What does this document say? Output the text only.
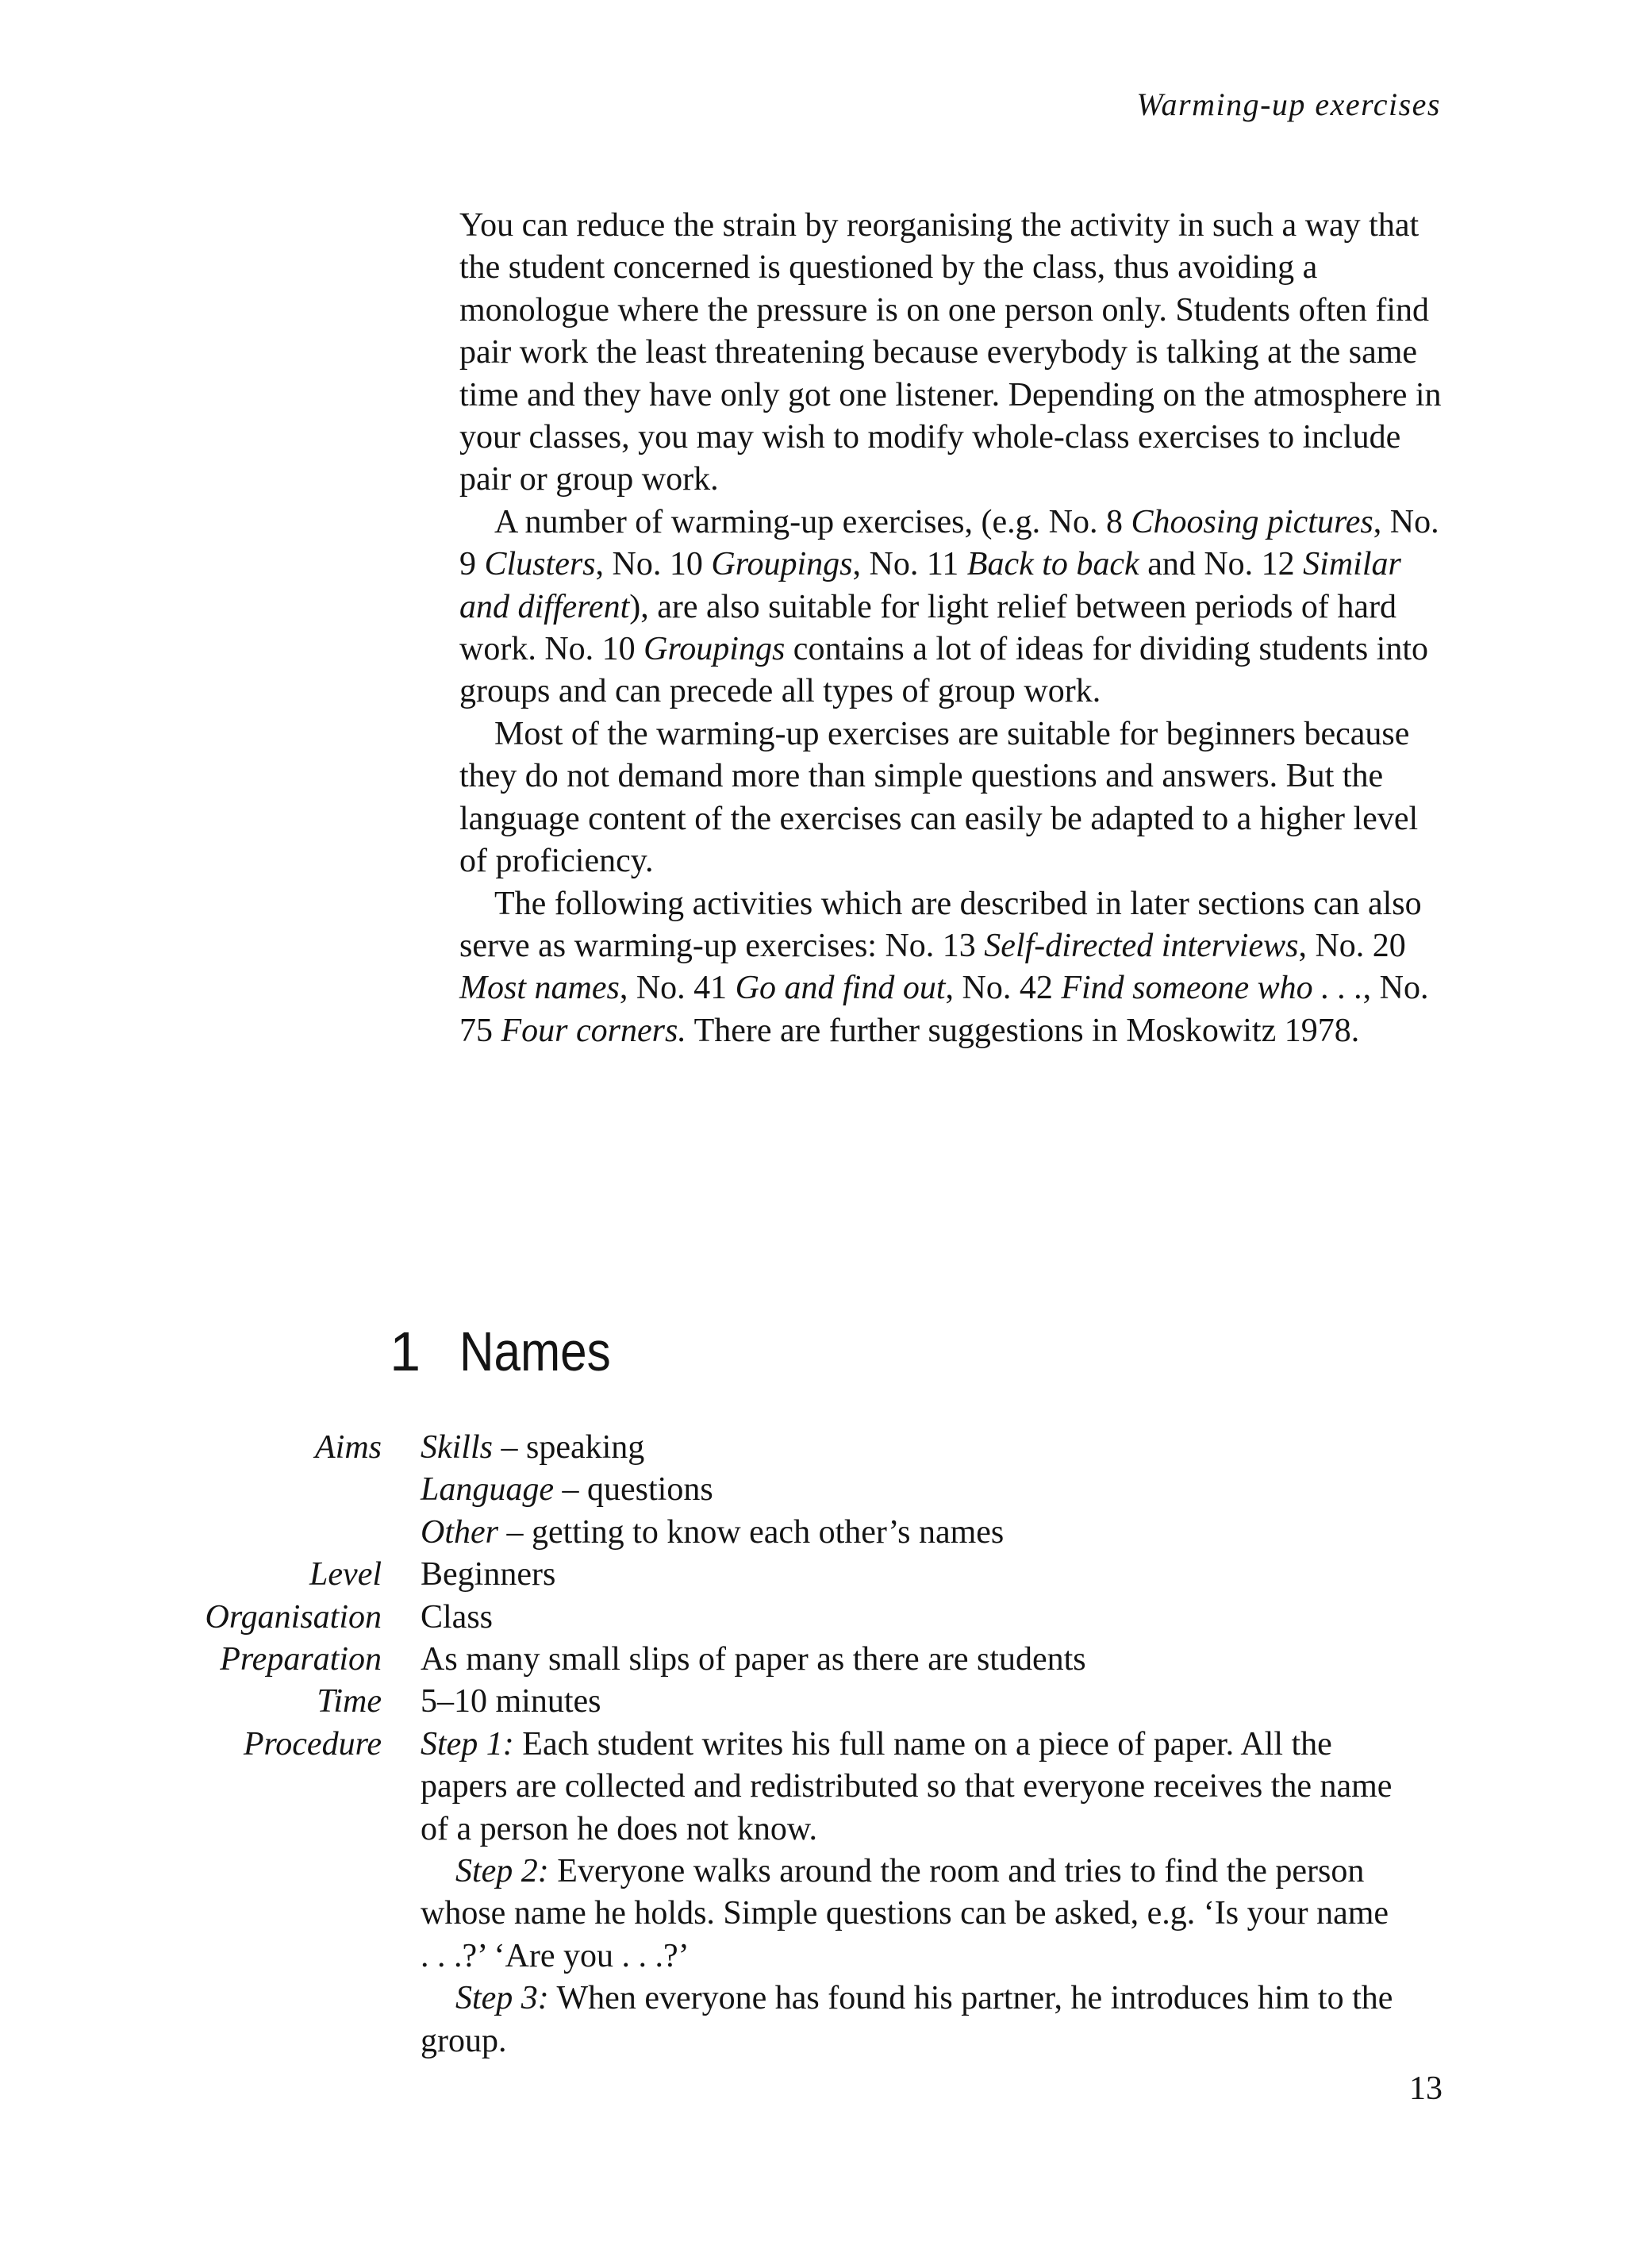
Warming-up exercises

You can reduce the strain by reorganising the activity in such a way that the student concerned is questioned by the class, thus avoiding a monologue where the pressure is on one person only. Students often find pair work the least threatening because everybody is talking at the same time and they have only got one listener. Depending on the atmosphere in your classes, you may wish to modify whole-class exercises to include pair or group work.

A number of warming-up exercises, (e.g. No. 8 Choosing pictures, No. 9 Clusters, No. 10 Groupings, No. 11 Back to back and No. 12 Similar and different), are also suitable for light relief between periods of hard work. No. 10 Groupings contains a lot of ideas for dividing students into groups and can precede all types of group work.

Most of the warming-up exercises are suitable for beginners because they do not demand more than simple questions and answers. But the language content of the exercises can easily be adapted to a higher level of proficiency.

The following activities which are described in later sections can also serve as warming-up exercises: No. 13 Self-directed interviews, No. 20 Most names, No. 41 Go and find out, No. 42 Find someone who . . ., No. 75 Four corners. There are further suggestions in Moskowitz 1978.

1 Names
Aims	Skills – speaking
Language – questions
Other – getting to know each other’s names
Level	Beginners
Organisation	Class
Preparation	As many small slips of paper as there are students
Time	5–10 minutes
Procedure	Step 1: Each student writes his full name on a piece of paper. All the papers are collected and redistributed so that everyone receives the name of a person he does not know.
Step 2: Everyone walks around the room and tries to find the person whose name he holds. Simple questions can be asked, e.g. ‘Is your name . . .?’ ‘Are you . . .?’
Step 3: When everyone has found his partner, he introduces him to the group.
13
